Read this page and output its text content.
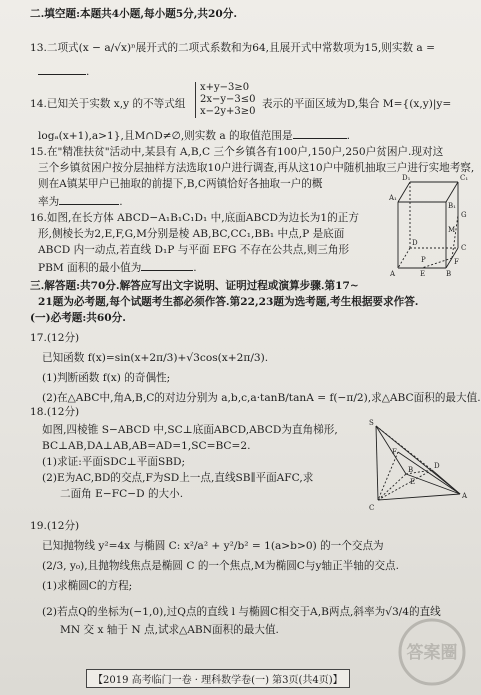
二.填空题:本题共4小题,每小题5分,共20分.
13.二项式(x − a/√x)ⁿ展开式的二项式系数和为64,且展开式中常数项为15,则实数 a =
.
14.已知关于实数 x,y 的不等式组
x+y−3≥0
2x−y−3≤0
x−2y+3≥0
表示的平面区域为D,集合 M={(x,y)|y=
logₐ(x+1),a>1},且M∩D≠∅,则实数 a 的取值范围是	.
15.在"精准扶贫"活动中,某县有 A,B,C 三个乡镇各有100户,150户,250户贫困户.现对这
三个乡镇贫困户按分层抽样方法选取10户进行调查,再从这10户中随机抽取三户进行实地考察,
则在A镇某甲户已抽取的前提下,B,C两镇恰好各抽取一户的概
率为	.
16.如图,在长方体 ABCD−A₁B₁C₁D₁ 中,底面ABCD为边长为1的正方
形,侧棱长为2,E,F,G,M分别是棱 AB,BC,CC₁,BB₁ 中点,P 是底面
ABCD 内一动点,若直线 D₁P 与平面 EFG 不存在公共点,则三角形
PBM 面积的最小值为	.
D₁	C₁
A₁
B₁
G
M
D
C
P	F
A	E	B
三.解答题:共70分.解答应写出文字说明、证明过程或演算步骤.第17~
21题为必考题,每个试题考生都必须作答.第22,23题为选考题,考生根据要求作答.
(一)必考题:共60分.
17.(12分)
已知函数 f(x)=sin(x+2π/3)+√3cos(x+2π/3).
(1)判断函数 f(x) 的奇偶性;
(2)在△ABC中,角A,B,C的对边分别为 a,b,c,a·tanB/tanA = f(−π/2),求△ABC面积的最大值.
18.(12分)
如图,四棱锥 S−ABCD 中,SC⊥底面ABCD,ABCD为直角梯形,
BC⊥AB,DA⊥AB,AB=AD=1,SC=BC=2.
(1)求证:平面SDC⊥平面SBD;
(2)E为AC,BD的交点,F为SD上一点,直线SB∥平面AFC,求
二面角 E−FC−D 的大小.
S
D
F
A
E
C
B
19.(12分)
已知抛物线 y²=4x 与椭圆 C: x²/a² + y²/b² = 1(a>b>0) 的一个交点为
(2/3, y₀),且抛物线焦点是椭圆 C 的一个焦点,M为椭圆C与y轴正半轴的交点.
(1)求椭圆C的方程;
(2)若点Q的坐标为(−1,0),过Q点的直线 l 与椭圆C相交于A,B两点,斜率为√3/4的直线
MN 交 x 轴于 N 点,试求△ABN面积的最大值.
【2019 高考临门一卷 · 理科数学卷(一) 第3页(共4页)】
答案圈
